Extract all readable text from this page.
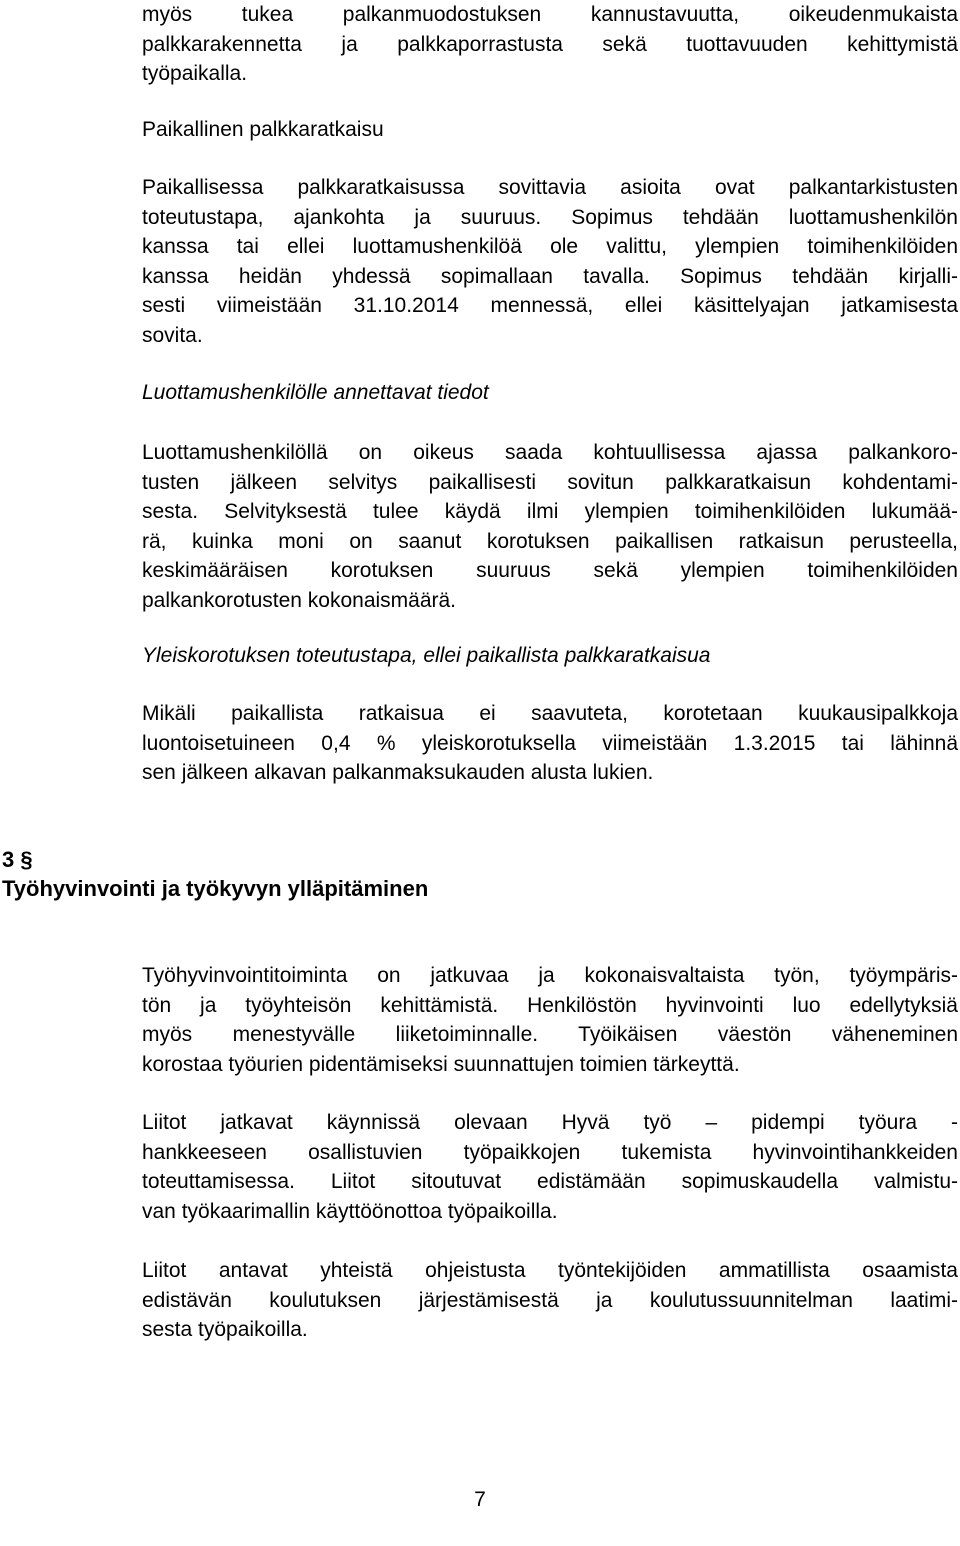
myös tukea palkanmuodostuksen kannustavuutta, oikeudenmukaista
palkkarakennetta ja palkkaporrastusta sekä tuottavuuden kehittymistä
työpaikalla.
Paikallinen palkkaratkaisu
Paikallisessa palkkaratkaisussa sovittavia asioita ovat palkantarkistusten
toteutustapa, ajankohta ja suuruus. Sopimus tehdään luottamushenkilön
kanssa tai ellei luottamushenkilöä ole valittu, ylempien toimihenkilöiden
kanssa heidän yhdessä sopimallaan tavalla. Sopimus tehdään kirjalli-
sesti viimeistään 31.10.2014 mennessä, ellei käsittelyajan jatkamisesta
sovita.
Luottamushenkilölle annettavat tiedot
Luottamushenkilöllä on oikeus saada kohtuullisessa ajassa palkankoro-
tusten jälkeen selvitys paikallisesti sovitun palkkaratkaisun kohdentami-
sesta. Selvityksestä tulee käydä ilmi ylempien toimihenkilöiden lukumää-
rä, kuinka moni on saanut korotuksen paikallisen ratkaisun perusteella,
keskimääräisen korotuksen suuruus sekä ylempien toimihenkilöiden
palkankorotusten kokonaismäärä.
Yleiskorotuksen toteutustapa, ellei paikallista palkkaratkaisua
Mikäli paikallista ratkaisua ei saavuteta, korotetaan kuukausipalkkoja
luontoisetuineen 0,4 % yleiskorotuksella viimeistään 1.3.2015 tai lähinnä
sen jälkeen alkavan palkanmaksukauden alusta lukien.
3 §
Työhyvinvointi ja työkyvyn ylläpitäminen
Työhyvinvointitoiminta on jatkuvaa ja kokonaisvaltaista työn, työympäris-
tön ja työyhteisön kehittämistä. Henkilöstön hyvinvointi luo edellytyksiä
myös menestyvälle liiketoiminnalle. Työikäisen väestön väheneminen
korostaa työurien pidentämiseksi suunnattujen toimien tärkeyttä.
Liitot jatkavat käynnissä olevaan Hyvä työ – pidempi työura -
hankkeeseen osallistuvien työpaikkojen tukemista hyvinvointihankkeiden
toteuttamisessa. Liitot sitoutuvat edistämään sopimuskaudella valmistu-
van työkaarimallin käyttöönottoa työpaikoilla.
Liitot antavat yhteistä ohjeistusta työntekijöiden ammatillista osaamista
edistävän koulutuksen järjestämisestä ja koulutussuunnitelman laatimi-
sesta työpaikoilla.
7
